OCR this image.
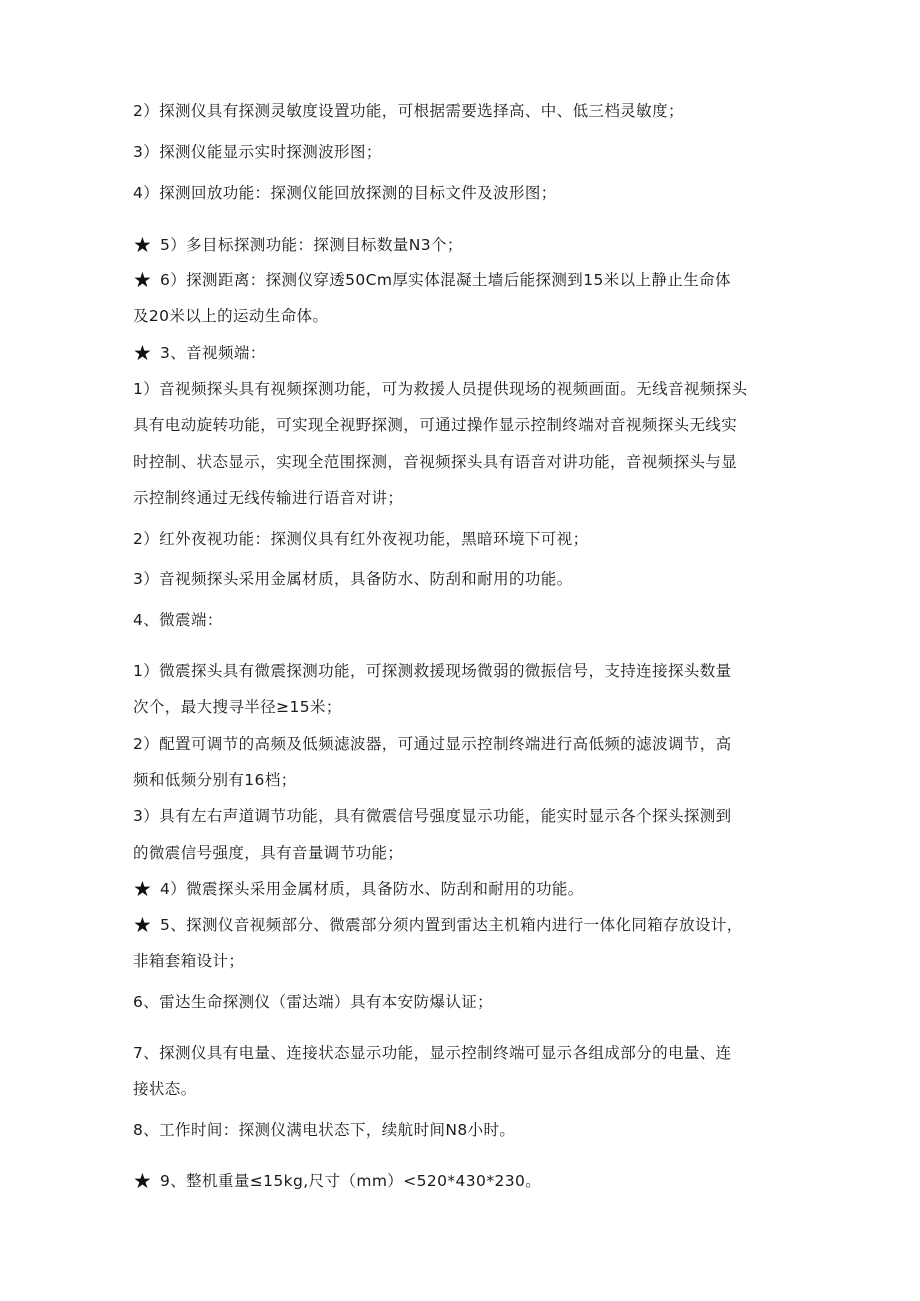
2）探测仪具有探测灵敏度设置功能，可根据需要选择高、中、低三档灵敏度；
3）探测仪能显示实时探测波形图；
4）探测回放功能：探测仪能回放探测的目标文件及波形图；
★ 5）多目标探测功能：探测目标数量N3个；
★ 6）探测距离：探测仪穿透50Cm厚实体混凝土墙后能探测到15米以上静止生命体
及20米以上的运动生命体。
★ 3、音视频端：
1）音视频探头具有视频探测功能，可为救援人员提供现场的视频画面。无线音视频探头
具有电动旋转功能，可实现全视野探测，可通过操作显示控制终端对音视频探头无线实
时控制、状态显示，实现全范围探测，音视频探头具有语音对讲功能，音视频探头与显
示控制终通过无线传输进行语音对讲；
2）红外夜视功能：探测仪具有红外夜视功能，黑暗环境下可视；
3）音视频探头采用金属材质，具备防水、防刮和耐用的功能。
4、微震端：
1）微震探头具有微震探测功能，可探测救援现场微弱的微振信号，支持连接探头数量
次个，最大搜寻半径≥15米；
2）配置可调节的高频及低频滤波器，可通过显示控制终端进行高低频的滤波调节，高
频和低频分别有16档；
3）具有左右声道调节功能，具有微震信号强度显示功能，能实时显示各个探头探测到
的微震信号强度，具有音量调节功能；
★ 4）微震探头采用金属材质，具备防水、防刮和耐用的功能。
★ 5、探测仪音视频部分、微震部分须内置到雷达主机箱内进行一体化同箱存放设计，
非箱套箱设计；
6、雷达生命探测仪（雷达端）具有本安防爆认证；
7、探测仪具有电量、连接状态显示功能，显示控制终端可显示各组成部分的电量、连
接状态。
8、工作时间：探测仪满电状态下，续航时间N8小时。
★ 9、整机重量≤15kg,尺寸（mm）<520*430*230。
